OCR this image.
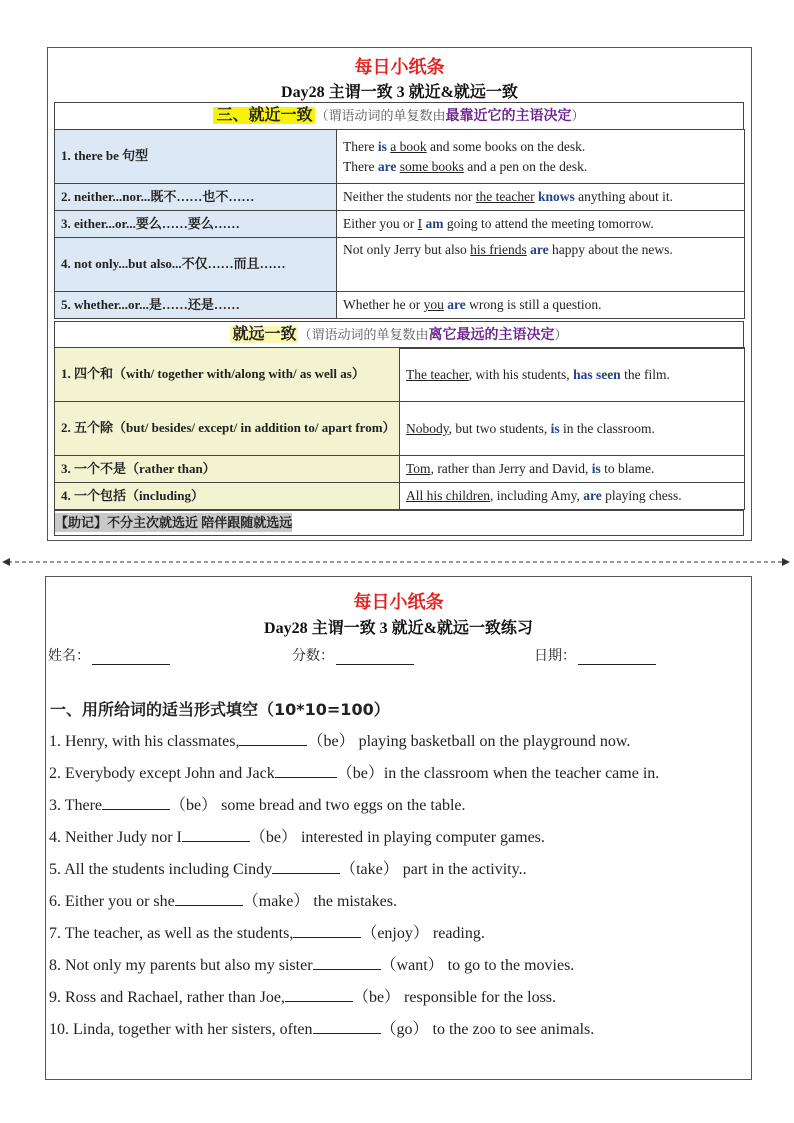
每日小纸条
Day28 主谓一致 3 就近&就远一致
三、就近一致 （谓语动词的单复数由最靠近它的主语决定）
1. there be 句型	There is a book and some books on the desk.
There are some books and a pen on the desk.

2. neither...nor...既不……也不……	Neither the students nor the teacher knows anything about it.
3. either...or...要么……要么……	Either you or I am going to attend the meeting tomorrow.
4. not only...but also...不仅……而且……	Not only Jerry but also his friends are happy about the news.
5. whether...or...是……还是……	Whether he or you are wrong is still a question.
就远一致 （谓语动词的单复数由离它最远的主语决定）
1. 四个和（with/ together with/along with/ as well as）	The teacher, with his students, has seen the film.
2. 五个除（but/ besides/ except/ in addition to/ apart from）	Nobody, but two students, is in the classroom.
3. 一个不是（rather than）	Tom, rather than Jerry and David, is to blame.
4. 一个包括（including）	All his children, including Amy, are playing chess.
【助记】不分主次就选近 陪伴跟随就选远
每日小纸条
Day28 主谓一致 3 就近&就远一致练习
姓名：	分数：	日期：
一、用所给词的适当形式填空（10*10=100）
1. Henry, with his classmates,	（be） playing basketball on the playground now.
2. Everybody except John and Jack	（be）in the classroom when the teacher came in.
3. There	（be） some bread and two eggs on the table.
4. Neither Judy nor I	（be） interested in playing computer games.
5. All the students including Cindy	（take） part in the activity..
6. Either you or she	（make） the mistakes.
7. The teacher, as well as the students,	（enjoy） reading.
8. Not only my parents but also my sister	（want） to go to the movies.
9. Ross and Rachael, rather than Joe,	（be） responsible for the loss.
10. Linda, together with her sisters, often	（go） to the zoo to see animals.
